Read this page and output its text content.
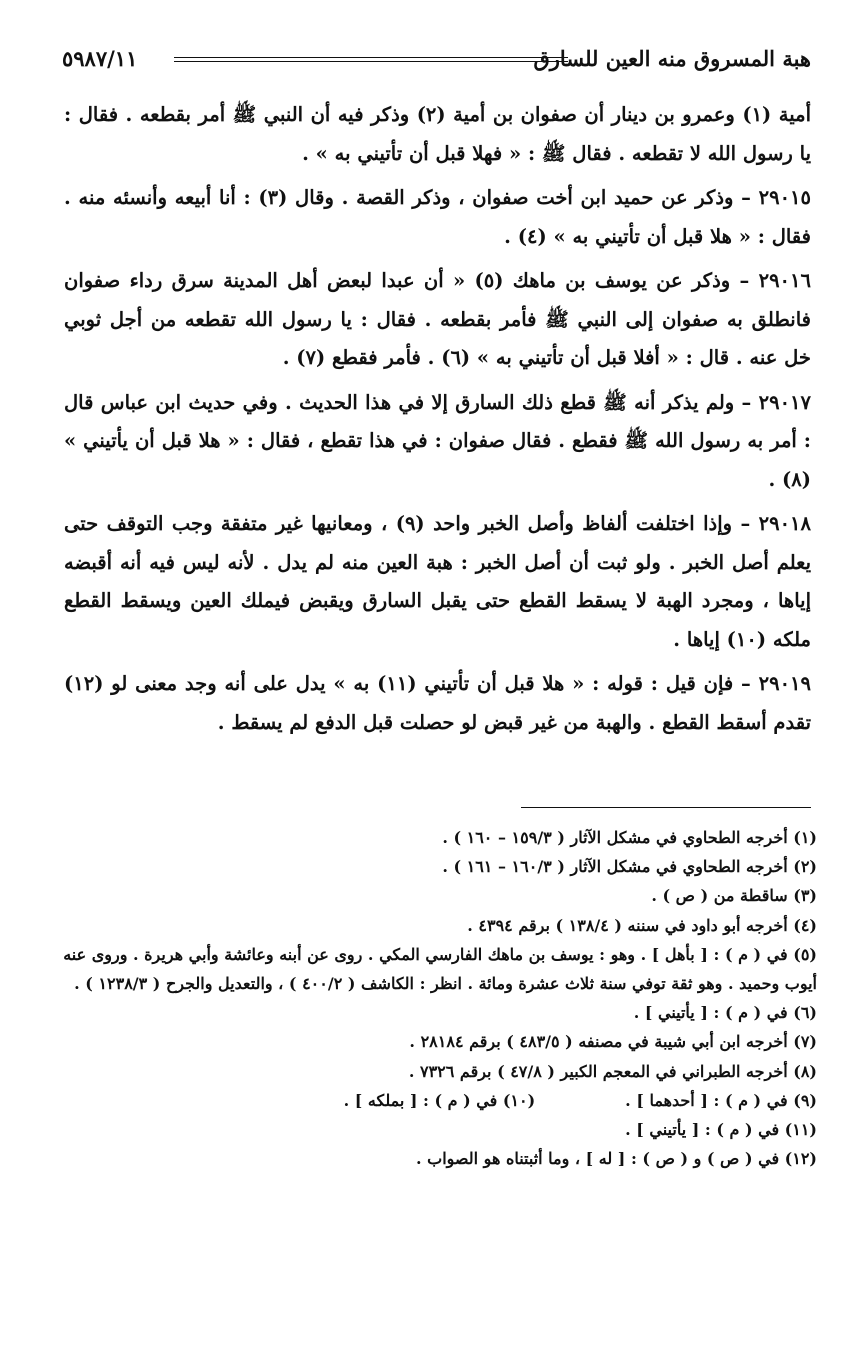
هبة المسروق منه العين للسارق
٥٩٨٧/١١

أمية (١) وعمرو بن دينار أن صفوان بن أمية (٢) وذكر فيه أن النبي ﷺ أمر بقطعه . فقال : يا رسول الله لا تقطعه . فقال ﷺ : « فهلا قبل أن تأتيني به » .

٢٩٠١٥ – وذكر عن حميد ابن أخت صفوان ، وذكر القصة . وقال (٣) : أنا أبيعه وأنسئه منه . فقال : « هلا قبل أن تأتيني به » (٤) .

٢٩٠١٦ – وذكر عن يوسف بن ماهك (٥) « أن عبدا لبعض أهل المدينة سرق رداء صفوان فانطلق به صفوان إلى النبي ﷺ فأمر بقطعه . فقال : يا رسول الله تقطعه من أجل ثوبي خل عنه . قال : « أفلا قبل أن تأتيني به » (٦) . فأمر فقطع (٧) .

٢٩٠١٧ – ولم يذكر أنه ﷺ قطع ذلك السارق إلا في هذا الحديث . وفي حديث ابن عباس قال : أمر به رسول الله ﷺ فقطع . فقال صفوان : في هذا تقطع ، فقال : « هلا قبل أن يأتيني » (٨) .

٢٩٠١٨ – وإذا اختلفت ألفاظ وأصل الخبر واحد (٩) ، ومعانيها غير متفقة وجب التوقف حتى يعلم أصل الخبر . ولو ثبت أن أصل الخبر : هبة العين منه لم يدل . لأنه ليس فيه أنه أقبضه إياها ، ومجرد الهبة لا يسقط القطع حتى يقبل السارق ويقبض فيملك العين ويسقط القطع ملكه (١٠) إياها .

٢٩٠١٩ – فإن قيل : قوله : « هلا قبل أن تأتيني (١١) به » يدل على أنه وجد معنى لو (١٢) تقدم أسقط القطع . والهبة من غير قبض لو حصلت قبل الدفع لم يسقط .

(١) أخرجه الطحاوي في مشكل الآثار ( ١٥٩/٣ – ١٦٠ ) .

(٢) أخرجه الطحاوي في مشكل الآثار ( ١٦٠/٣ – ١٦١ ) .

(٣) ساقطة من ( ص ) .

(٤) أخرجه أبو داود في سننه ( ١٣٨/٤ ) برقم ٤٣٩٤ .

(٥) في ( م ) : [ بأهل ] . وهو : يوسف بن ماهك الفارسي المكي . روى عن أبنه وعائشة وأبي هريرة . وروى عنه أيوب وحميد . وهو ثقة توفي سنة ثلاث عشرة ومائة . انظر : الكاشف ( ٤٠٠/٢ ) ، والتعديل والجرح ( ١٢٣٨/٣ ) .

(٦) في ( م ) : [ يأتيني ] .

(٧) أخرجه ابن أبي شيبة في مصنفه ( ٤٨٣/٥ ) برقم ٢٨١٨٤ .

(٨) أخرجه الطبراني في المعجم الكبير ( ٤٧/٨ ) برقم ٧٣٢٦ .

(٩) في ( م ) : [ أحدهما ] .
(١٠) في ( م ) : [ بملكه ] .

(١١) في ( م ) : [ يأتيني ] .

(١٢) في ( ص ) و ( ص ) : [ له ] ، وما أثبتناه هو الصواب .
